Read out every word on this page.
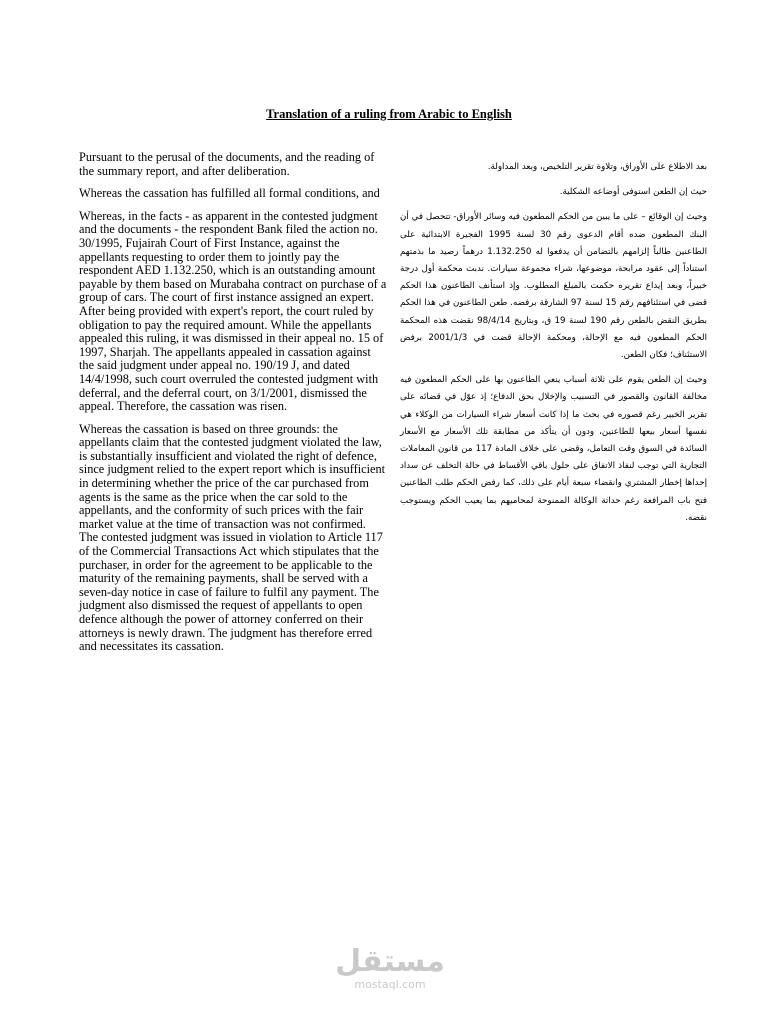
Translation of a ruling from Arabic to English

Pursuant to the perusal of the documents, and the reading of the summary report, and after deliberation.

Whereas the cassation has fulfilled all formal conditions, and

Whereas, in the facts - as apparent in the contested judgment and the documents - the respondent Bank filed the action no. 30/1995, Fujairah Court of First Instance, against the appellants requesting to order them to jointly pay the respondent AED 1.132.250, which is an outstanding amount payable by them based on Murabaha contract on purchase of a group of cars. The court of first instance assigned an expert. After being provided with expert's report, the court ruled by obligation to pay the required amount. While the appellants appealed this ruling, it was dismissed in their appeal no. 15 of 1997, Sharjah. The appellants appealed in cassation against the said judgment under appeal no. 190/19 J, and dated 14/4/1998, such court overruled the contested judgment with deferral, and the deferral court, on 3/1/2001, dismissed the appeal. Therefore, the cassation was risen.

Whereas the cassation is based on three grounds: the appellants claim that the contested judgment violated the law, is substantially insufficient and violated the right of defence, since judgment relied to the expert report which is insufficient in determining whether the price of the car purchased from agents is the same as the price when the car sold to the appellants, and the conformity of such prices with the fair market value at the time of transaction was not confirmed. The contested judgment was issued in violation to Article 117 of the Commercial Transactions Act which stipulates that the purchaser, in order for the agreement to be applicable to the maturity of the remaining payments, shall be served with a seven-day notice in case of failure to fulfil any payment. The judgment also dismissed the request of appellants to open defence although the power of attorney conferred on their attorneys is newly drawn. The judgment has therefore erred and necessitates its cassation.

بعد الاطلاع على الأوراق، وتلاوة تقرير التلخيص، وبعد المداولة.

حيث إن الطعن استوفى أوضاعه الشكلية.

وحيث إن الوقائع – على ما يبين من الحكم المطعون فيه وسائر الأوراق- تتحصل في أن البنك المطعون ضده أقام الدعوى رقم 30 لسنة 1995 الفجيرة الابتدائية على الطاعنين طالباً إلزامهم بالتضامن أن يدفعوا له 1.132.250 درهماً رصيد ما بذمتهم استناداً إلى عقود مرابحة، موضوعها، شراء مجموعة سيارات. ندبت محكمة أول درجة خبيراً، وبعد إيداع تقريره حكمت بالمبلغ المطلوب. وإذ استأنف الطاعنون هذا الحكم قضى في استئنافهم رقم 15 لسنة 97 الشارقة برفضه. طعن الطاعنون في هذا الحكم بطريق النقض بالطعن رقم 190 لسنة 19 ق، وبتاريخ 98/4/14 نقضت هذه المحكمة الحكم المطعون فيه مع الإحالة، ومحكمة الإحالة قضت في 2001/1/3 برفض الاستئناف؛ فكان الطعن.

وحيث إن الطعن يقوم على ثلاثة أسباب ينعي الطاعنون بها على الحكم المطعون فيه مخالفة القانون والقصور في التسبيب والإخلال بحق الدفاع؛ إذ عوّل في قضائه على تقرير الخبير رغم قصوره في بحث ما إذا كانت أسعار شراء السيارات من الوكلاء هي نفسها أسعار بيعها للطاعنين، ودون أن يتأكد من مطابقة تلك الأسعار مع الأسعار السائدة في السوق وقت التعامل، وقضى على خلاف المادة 117 من قانون المعاملات التجارية التي توجب لنفاذ الاتفاق على حلول باقي الأقساط في حالة التخلف عن سداد إحداها إخطار المشتري وانقضاء سبعة أيام على ذلك، كما رفض الحكم طلب الطاعنين فتح باب المرافعة رغم حداثة الوكالة الممنوحة لمحاميهم بما يعيب الحكم ويستوجب نقضه.

مستقل
mostaql.com
